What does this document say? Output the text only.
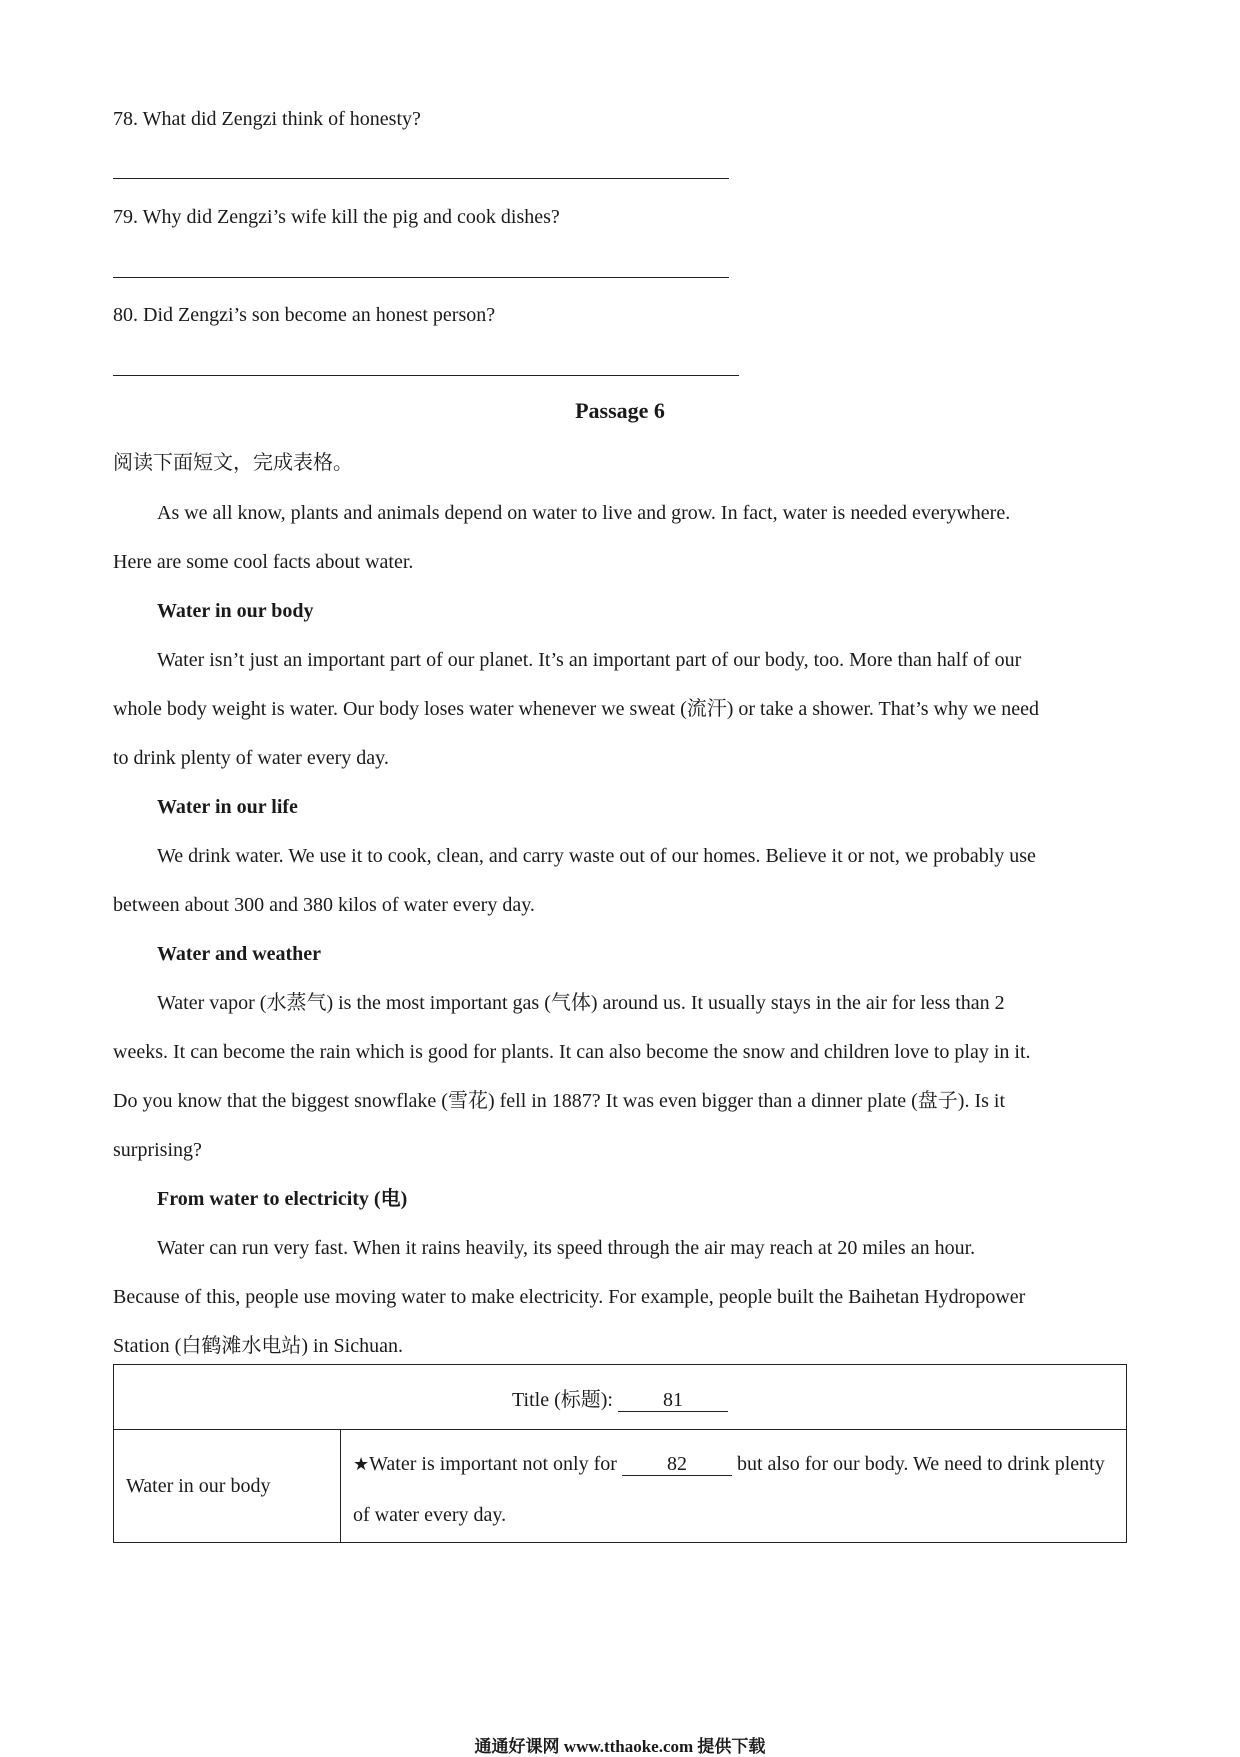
78. What did Zengzi think of honesty?
79. Why did Zengzi’s wife kill the pig and cook dishes?
80. Did Zengzi’s son become an honest person?
Passage 6
阅读下面短文，完成表格。
As we all know, plants and animals depend on water to live and grow. In fact, water is needed everywhere.
Here are some cool facts about water.
Water in our body
Water isn’t just an important part of our planet. It’s an important part of our body, too. More than half of our
whole body weight is water. Our body loses water whenever we sweat (流汗) or take a shower. That’s why we need
to drink plenty of water every day.
Water in our life
We drink water. We use it to cook, clean, and carry waste out of our homes. Believe it or not, we probably use
between about 300 and 380 kilos of water every day.
Water and weather
Water vapor (水蒸气) is the most important gas (气体) around us. It usually stays in the air for less than 2
weeks. It can become the rain which is good for plants. It can also become the snow and children love to play in it.
Do you know that the biggest snowflake (雪花) fell in 1887? It was even bigger than a dinner plate (盘子). Is it
surprising?
From water to electricity (电)
Water can run very fast. When it rains heavily, its speed through the air may reach at 20 miles an hour.
Because of this, people use moving water to make electricity. For example, people built the Baihetan Hydropower
Station (白鹤滩水电站) in Sichuan.
Title (标题): 81
Water in our body	★Water is important not only for 82 but also for our body. We need to drink plenty of water every day.
通通好课网 www.tthaoke.com 提供下载
